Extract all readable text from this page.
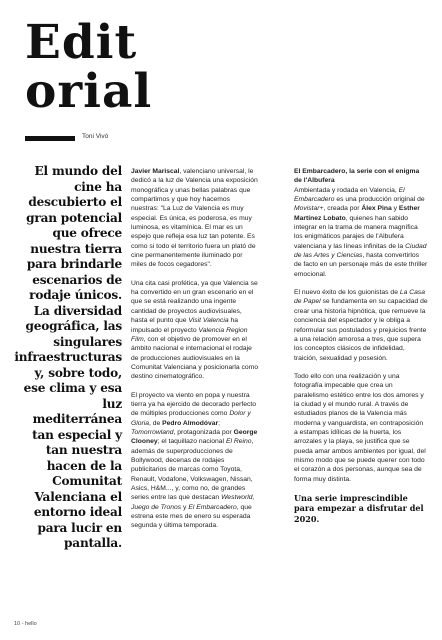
Edit
orial
Toni Vivó

El mundo del cine ha descubierto el gran potencial que ofrece nuestra tierra para brindarle escenarios de rodaje únicos. La diversidad geográfica, las singulares infraestructuras y, sobre todo, ese clima y esa luz mediterránea tan especial y tan nuestra hacen de la Comunitat Valenciana el entorno ideal para lucir en pantalla.

Javier Mariscal, valenciano universal, le dedicó a la luz de Valencia una exposición monográfica y unas bellas palabras que compartimos y que hoy hacemos nuestras: "La Luz de Valencia es muy especial. Es única, es poderosa, es muy luminosa, es vitamínica. El mar es un espejo que refleja esa luz tan potente. Es como si todo el territorio fuera un plató de cine permanentemente iluminado por miles de focos cegadores".

Una cita casi profética, ya que Valencia se ha convertido en un gran escenario en el que se está realizando una ingente cantidad de proyectos audiovisuales, hasta el punto que Visit Valencia ha impulsado el proyecto Valencia Region Film, con el objetivo de promover en el ámbito nacional e internacional el rodaje de producciones audiovisuales en la Comunitat Valenciana y posicionarla como destino cinematográfico.

El proyecto va viento en popa y nuestra tierra ya ha ejercido de decorado perfecto de múltiples producciones como Dolor y Gloria, de Pedro Almodóvar; Tomorrowland, protagonizada por George Clooney; el taquillazo nacional El Reino, además de superproducciones de Bollywood, decenas de rodajes publicitarios de marcas como Toyota, Renault, Vodafone, Volkswagen, Nissan, Asics, H&M..., y, como no, de grandes series entre las que destacan Westworld, Juego de Tronos y El Embarcadero, que estrena este mes de enero su esperada segunda y última temporada.

El Embarcadero, la serie con el enigma de l'Albufera

Ambientada y rodada en Valencia, El Embarcadero es una producción original de Movistar+, creada por Álex Pina y Esther Martínez Lobato, quienes han sabido integrar en la trama de manera magnífica los enigmáticos parajes de l'Albufera valenciana y las líneas infinitas de la Ciudad de las Artes y Ciencias, hasta convertirlos de facto en un personaje más de este thriller emocional.

El nuevo éxito de los guionistas de La Casa de Papel se fundamenta en su capacidad de crear una historia hipnótica, que remueve la conciencia del espectador y le obliga a reformular sus postulados y prejuicios frente a una relación amorosa a tres, que supera los conceptos clásicos de infidelidad, traición, sexualidad y posesión.

Todo ello con una realización y una fotografía impecable que crea un paralelismo estético entre los dos amores y la ciudad y el mundo rural. A través de estudiados planos de la Valencia más moderna y vanguardista, en contraposición a estampas idílicas de la huerta, los arrozales y la playa, se justifica que se pueda amar ambos ambientes por igual, del mismo modo que se puede querer con todo el corazón a dos personas, aunque sea de forma muy distinta.

Una serie imprescindible para empezar a disfrutar del 2020.

10 - hello
